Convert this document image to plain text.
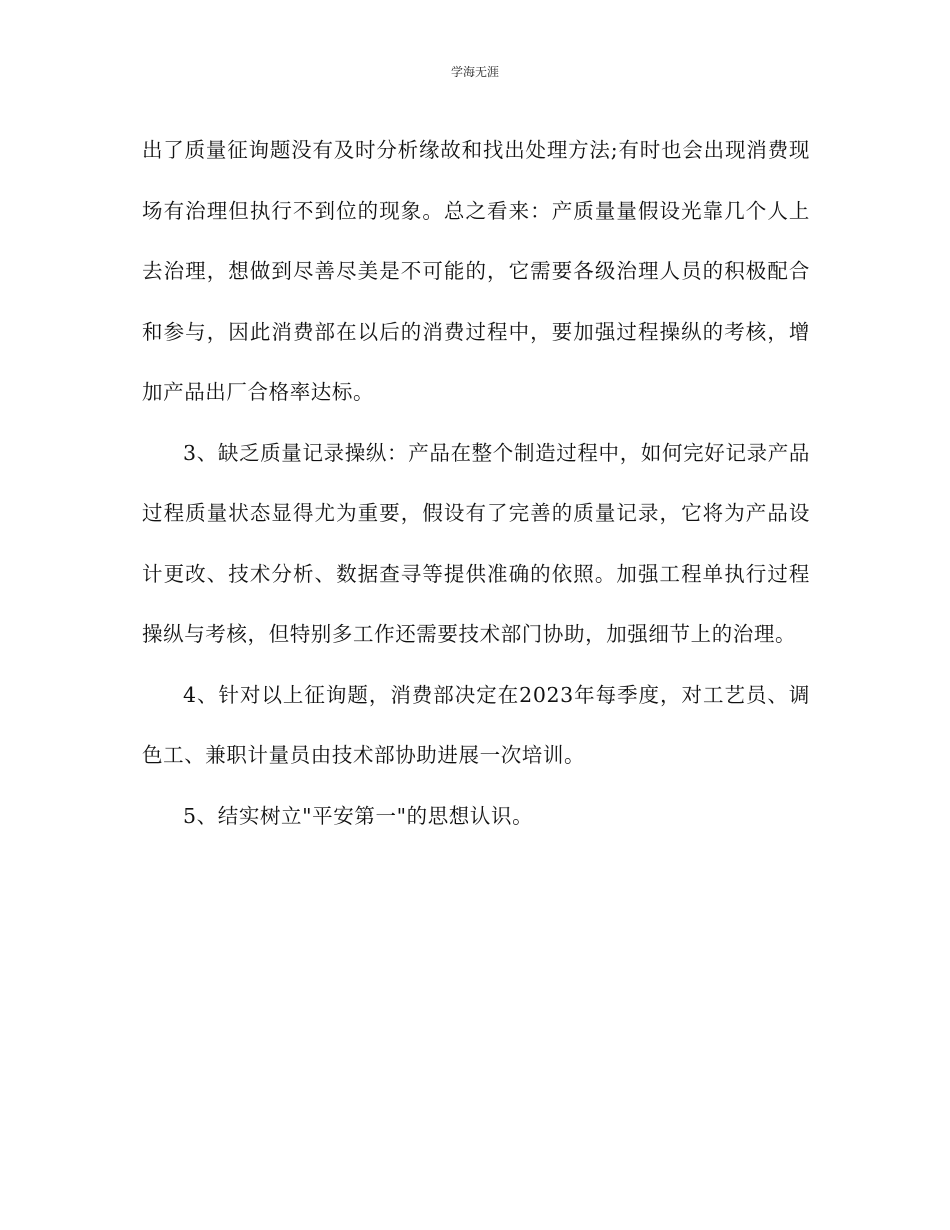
学海无涯

出了质量征询题没有及时分析缘故和找出处理方法;有时也会出现消费现场有治理但执行不到位的现象。总之看来：产质量量假设光靠几个人上去治理，想做到尽善尽美是不可能的，它需要各级治理人员的积极配合和参与，因此消费部在以后的消费过程中，要加强过程操纵的考核，增加产品出厂合格率达标。

3、缺乏质量记录操纵：产品在整个制造过程中，如何完好记录产品过程质量状态显得尤为重要，假设有了完善的质量记录，它将为产品设计更改、技术分析、数据查寻等提供准确的依照。加强工程单执行过程操纵与考核，但特别多工作还需要技术部门协助，加强细节上的治理。

4、针对以上征询题，消费部决定在2023年每季度，对工艺员、调色工、兼职计量员由技术部协助进展一次培训。

5、结实树立"平安第一"的思想认识。
